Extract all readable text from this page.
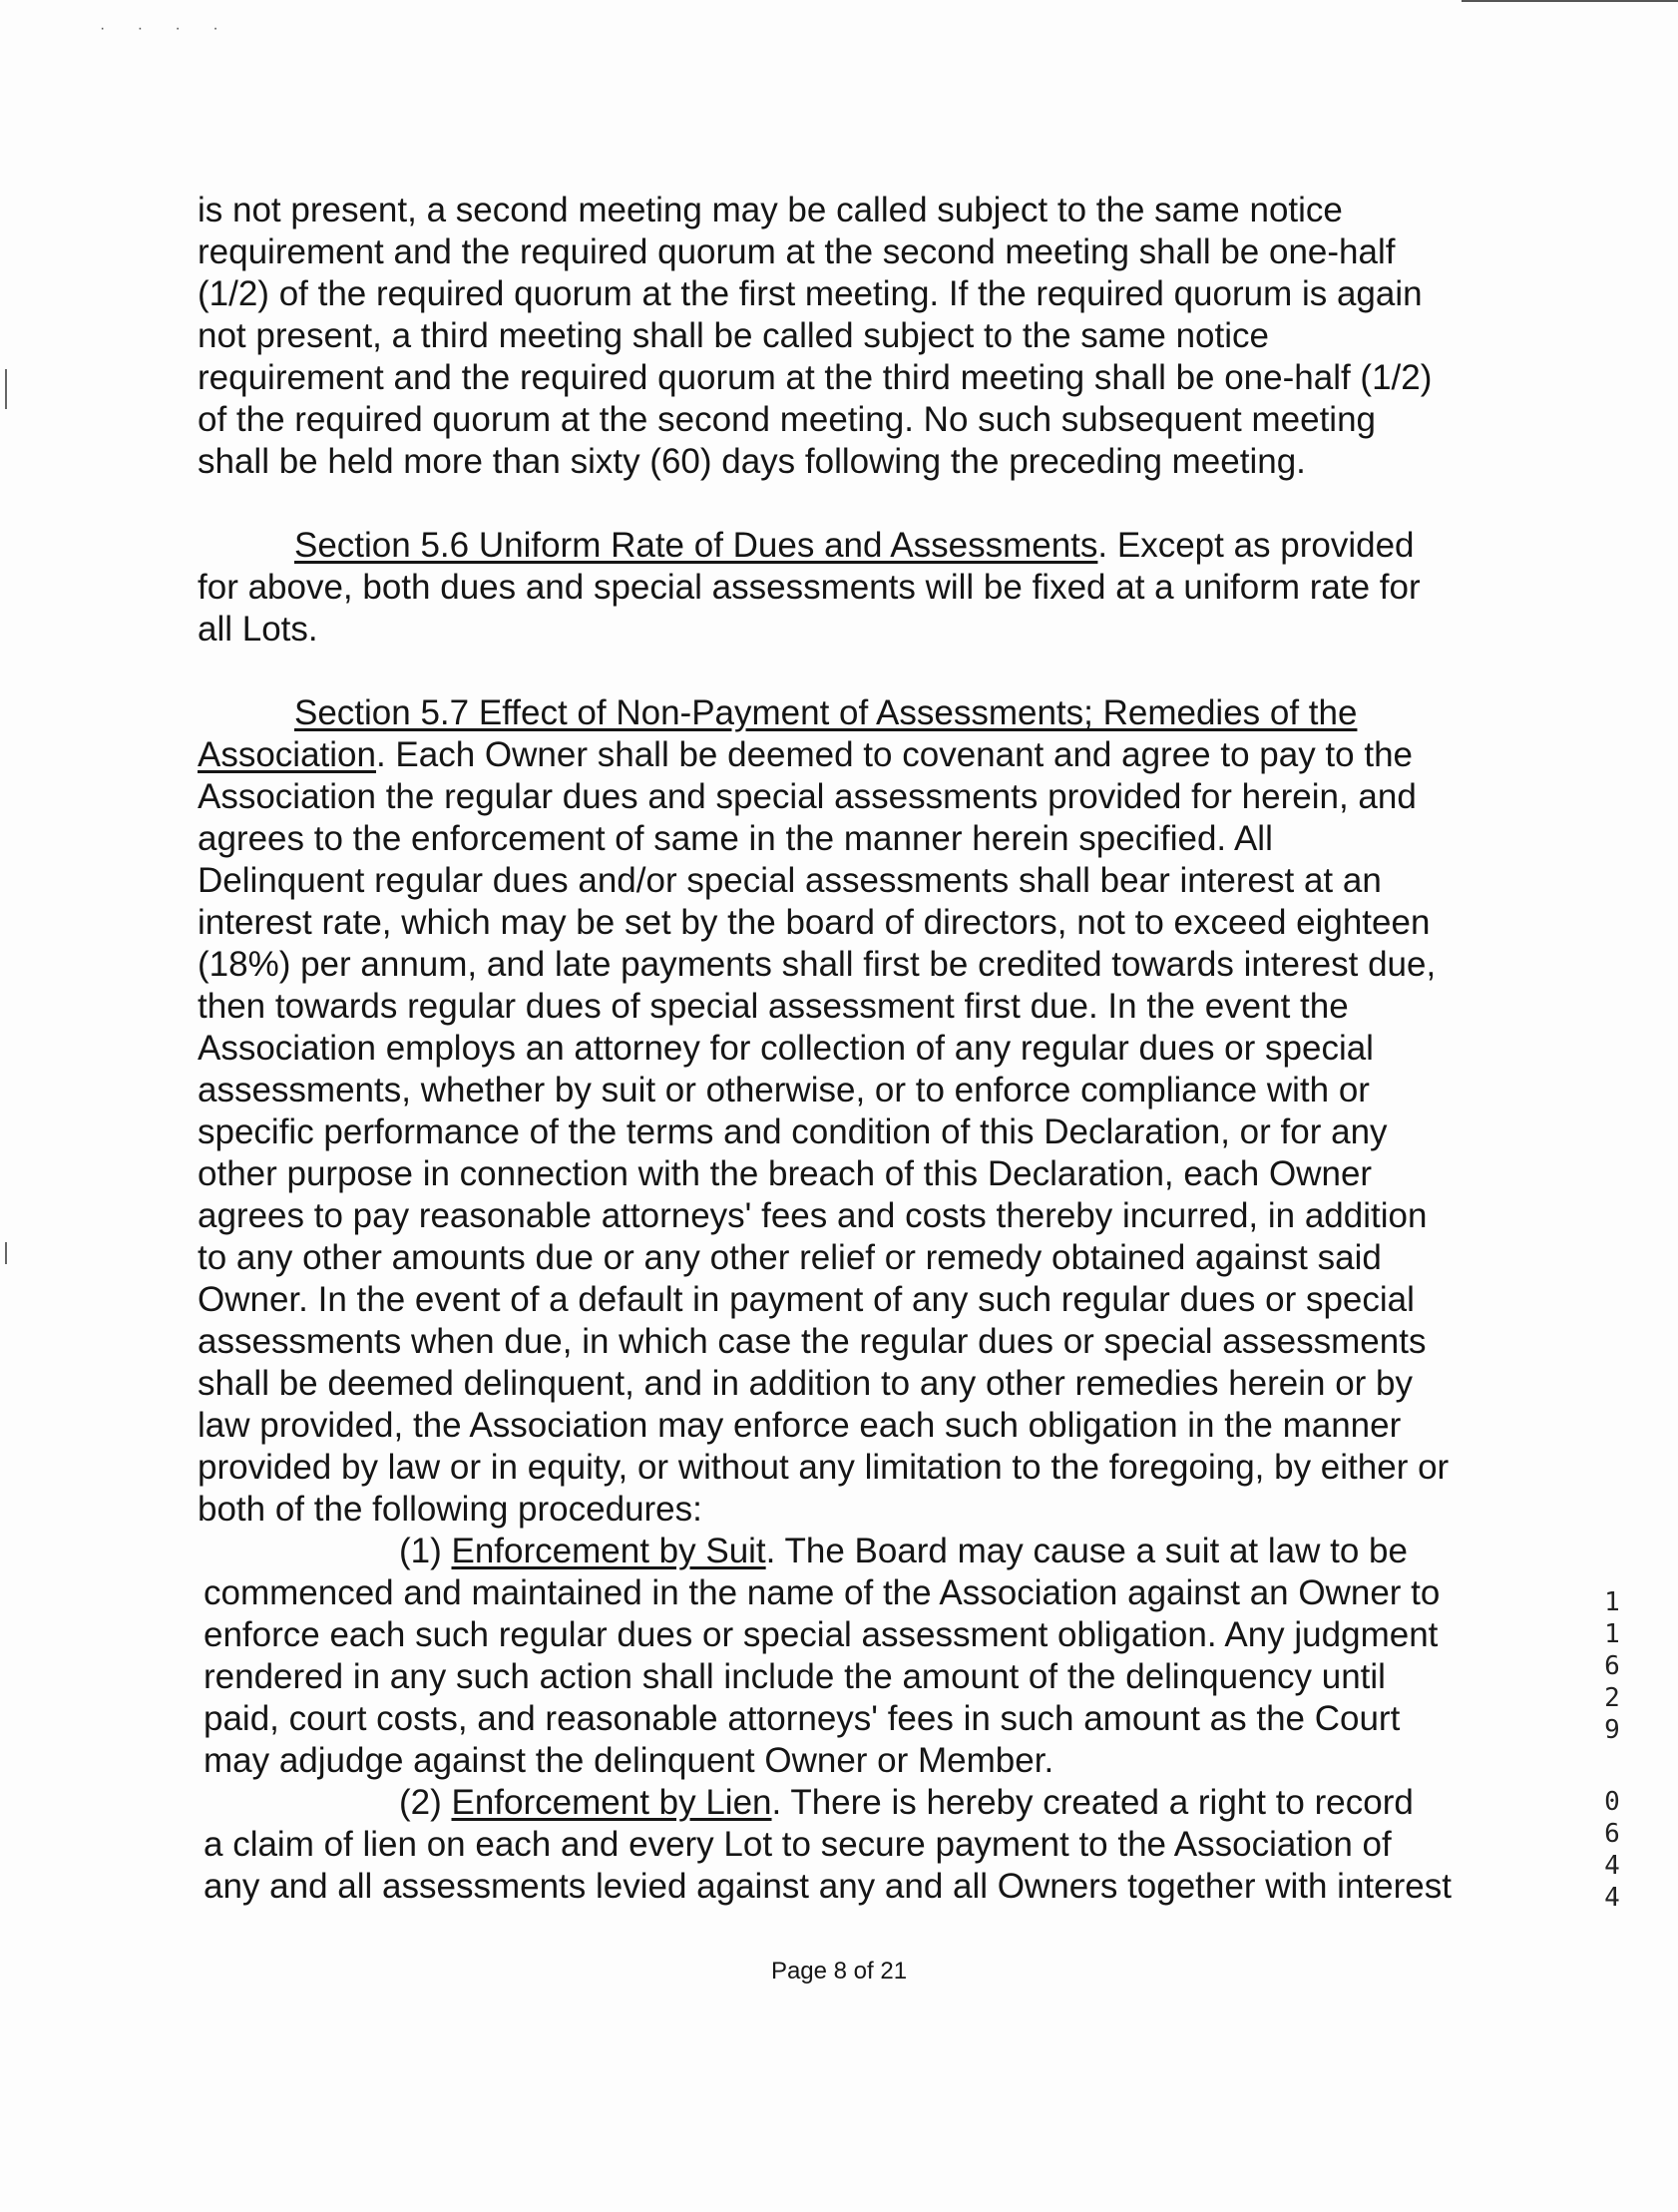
· · · ·
is not present, a second meeting may be called subject to the same notice
requirement and the required quorum at the second meeting shall be one-half
(1/2) of the required quorum at the first meeting. If the required quorum is again
not present, a third meeting shall be called subject to the same notice
requirement and the required quorum at the third meeting shall be one-half (1/2)
of the required quorum at the second meeting. No such subsequent meeting
shall be held more than sixty (60) days following the preceding meeting.
Section 5.6 Uniform Rate of Dues and Assessments. Except as provided
for above, both dues and special assessments will be fixed at a uniform rate for
all Lots.
Section 5.7 Effect of Non-Payment of Assessments; Remedies of the
Association. Each Owner shall be deemed to covenant and agree to pay to the
Association the regular dues and special assessments provided for herein, and
agrees to the enforcement of same in the manner herein specified. All
Delinquent regular dues and/or special assessments shall bear interest at an
interest rate, which may be set by the board of directors, not to exceed eighteen
(18%) per annum, and late payments shall first be credited towards interest due,
then towards regular dues of special assessment first due. In the event the
Association employs an attorney for collection of any regular dues or special
assessments, whether by suit or otherwise, or to enforce compliance with or
specific performance of the terms and condition of this Declaration, or for any
other purpose in connection with the breach of this Declaration, each Owner
agrees to pay reasonable attorneys' fees and costs thereby incurred, in addition
to any other amounts due or any other relief or remedy obtained against said
Owner. In the event of a default in payment of any such regular dues or special
assessments when due, in which case the regular dues or special assessments
shall be deemed delinquent, and in addition to any other remedies herein or by
law provided, the Association may enforce each such obligation in the manner
provided by law or in equity, or without any limitation to the foregoing, by either or
both of the following procedures:
(1) Enforcement by Suit. The Board may cause a suit at law to be
commenced and maintained in the name of the Association against an Owner to
enforce each such regular dues or special assessment obligation. Any judgment
rendered in any such action shall include the amount of the delinquency until
paid, court costs, and reasonable attorneys' fees in such amount as the Court
may adjudge against the delinquent Owner or Member.
(2) Enforcement by Lien. There is hereby created a right to record
a claim of lien on each and every Lot to secure payment to the Association of
any and all assessments levied against any and all Owners together with interest
1
1
6
2
9
0
6
4
4
Page 8 of 21
